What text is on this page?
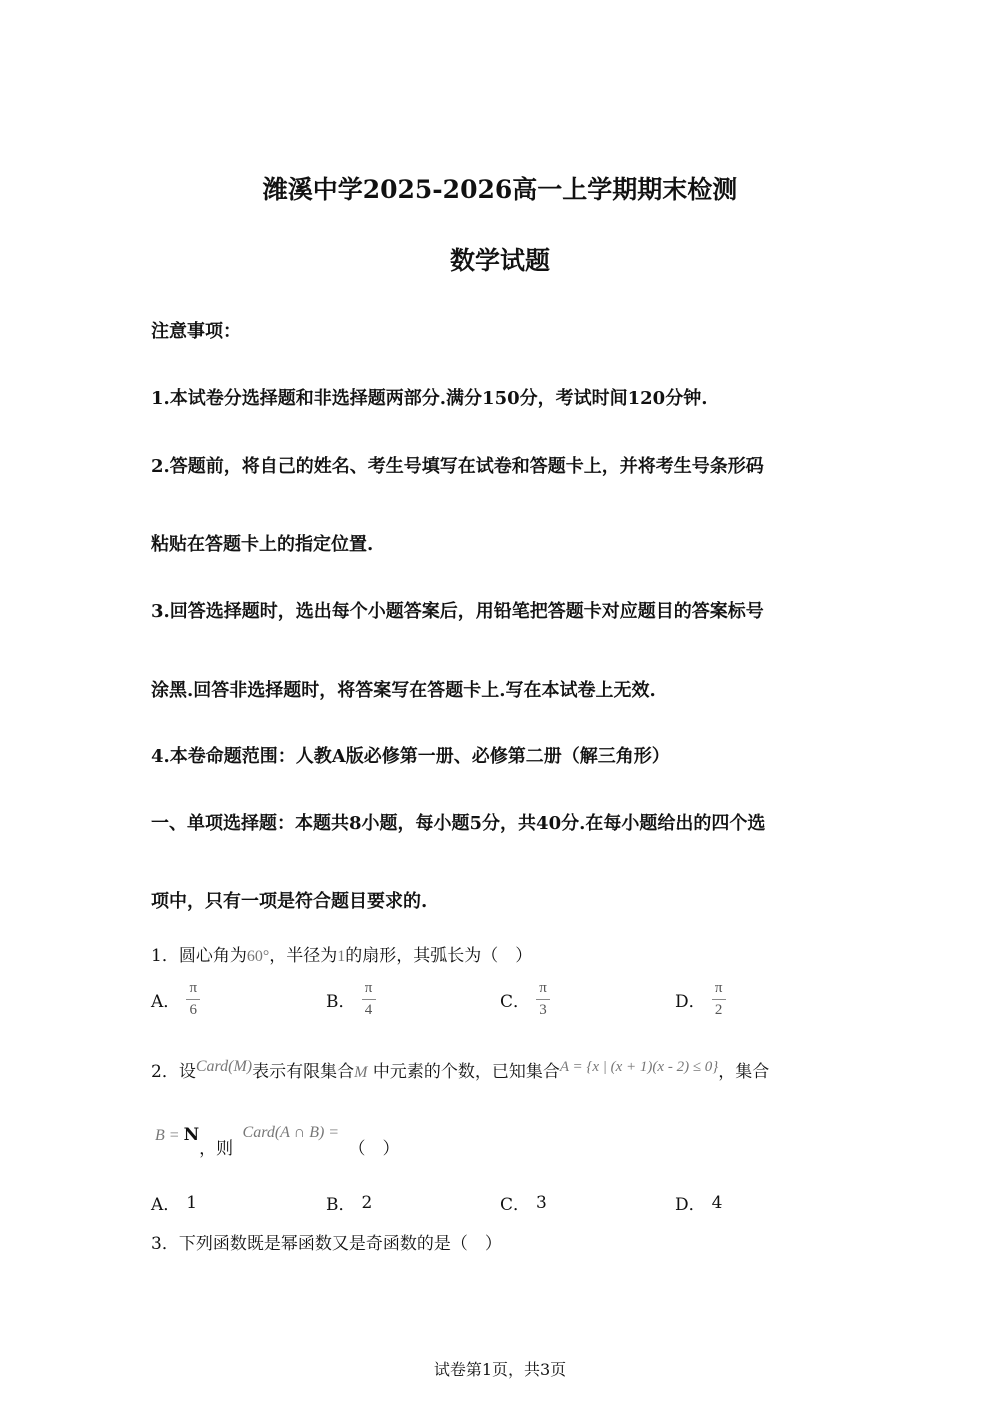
潍溪中学2025-2026高一上学期期末检测
数学试题
注意事项：
1.本试卷分选择题和非选择题两部分.满分150分，考试时间120分钟.
2.答题前，将自己的姓名、考生号填写在试卷和答题卡上，并将考生号条形码
粘贴在答题卡上的指定位置.
3.回答选择题时，选出每个小题答案后，用铅笔把答题卡对应题目的答案标号
涂黑.回答非选择题时，将答案写在答题卡上.写在本试卷上无效.
4.本卷命题范围：人教A版必修第一册、必修第二册（解三角形）
一、单项选择题：本题共8小题，每小题5分，共40分.在每小题给出的四个选
项中，只有一项是符合题目要求的.
1．圆心角为60°，半径为1的扇形，其弧长为（　）
A． $\frac{\pi}{6}$	B． $\frac{\pi}{4}$	C． $\frac{\pi}{3}$	D． $\frac{\pi}{2}$
2．设Card(M)表示有限集合M 中元素的个数，已知集合A = {x | (x + 1)(x - 2) ≤ 0}，集合
B = N，则 Card(A ∩ B) = （　）
A． 1	B． 2	C． 3	D． 4
3．下列函数既是幂函数又是奇函数的是（　）
试卷第1页，共3页
